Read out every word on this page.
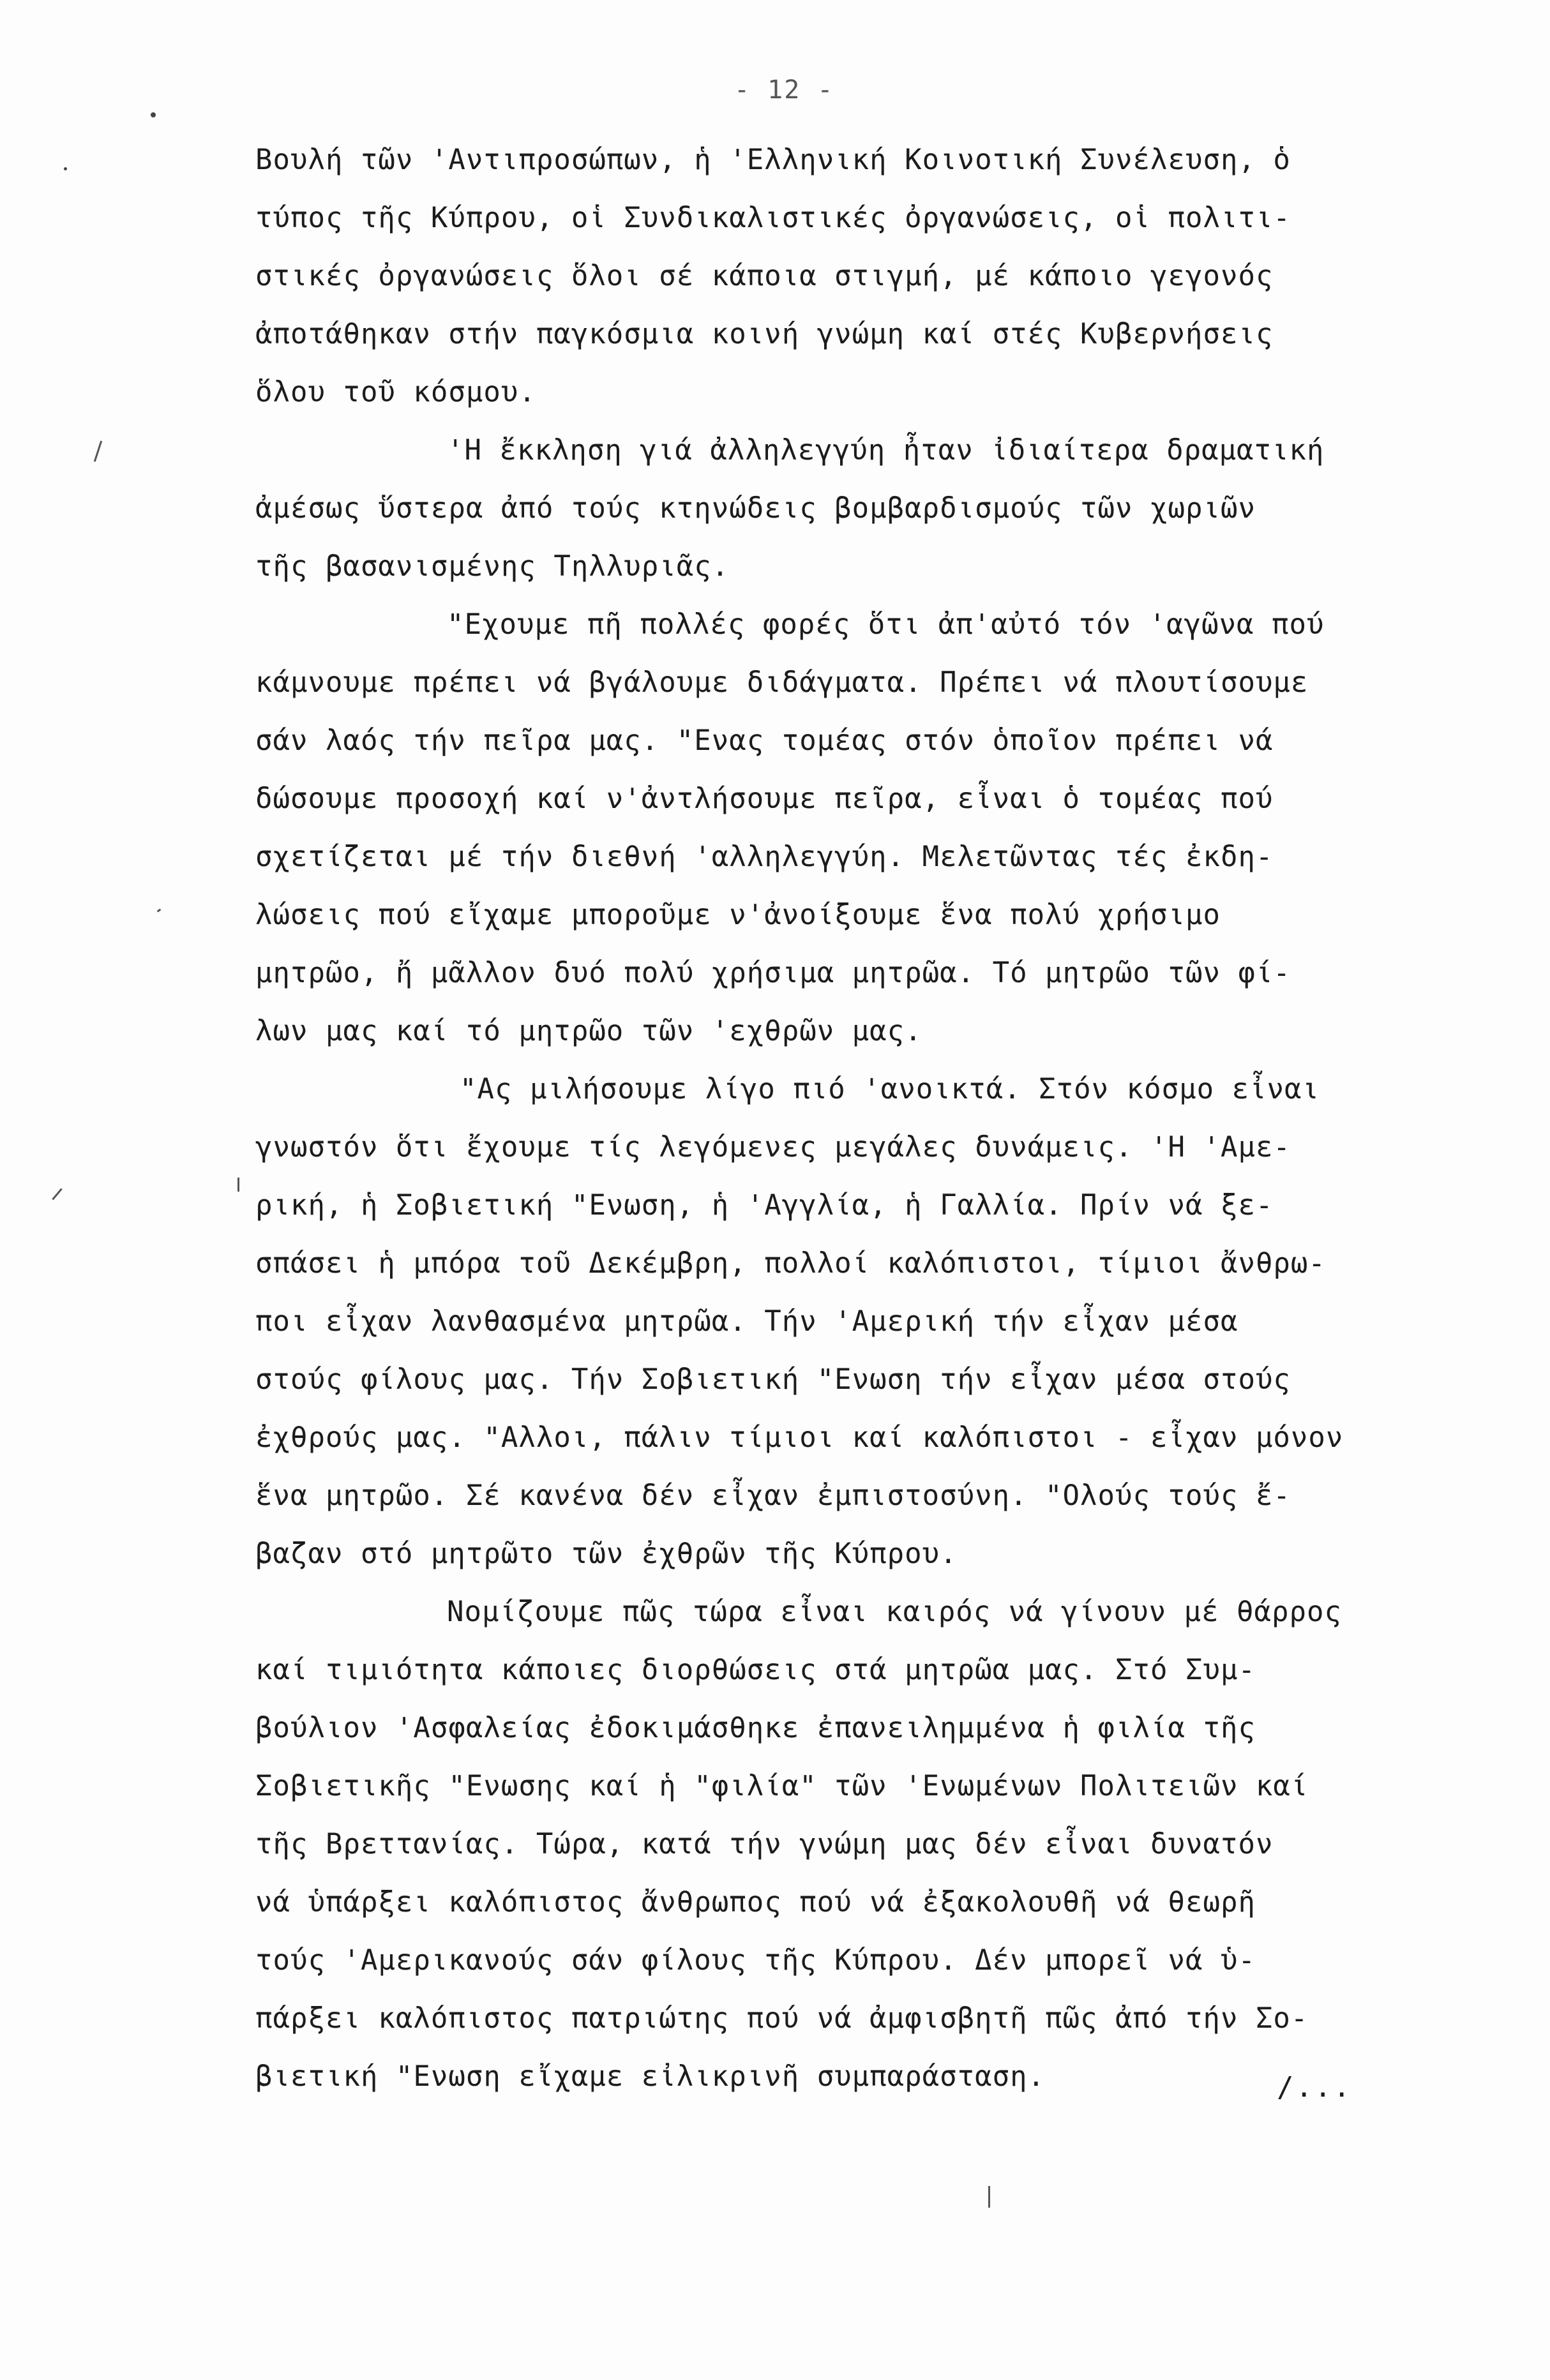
- 12 -
Βουλή τῶν 'Αντιπροσώπων, ἡ 'Ελληνική Κοινοτική Συνέλευση, ὁ
τύπος τῆς Κύπρου, οἱ Συνδικαλιστικές ὀργανώσεις, οἱ πολιτι-
στικές ὀργανώσεις ὅλοι σέ κάποια στιγμή, μέ κάποιο γεγονός
ἀποτάθηκαν στήν παγκόσμια κοινή γνώμη καί στές Κυβερνήσεις
ὅλου τοῦ κόσμου.
'Η ἔκκληση γιά ἀλληλεγγύη ἦταν ἰδιαίτερα δραματική
ἀμέσως ὕστερα ἀπό τούς κτηνώδεις βομβαρδισμούς τῶν χωριῶν
τῆς βασανισμένης Τηλλυριᾶς.
"Εχουμε πῆ πολλές φορές ὅτι ἀπ'αὐτό τόν 'αγῶνα πού
κάμνουμε πρέπει νά βγάλουμε διδάγματα. Πρέπει νά πλουτίσουμε
σάν λαός τήν πεῖρα μας. "Ενας τομέας στόν ὁποῖον πρέπει νά
δώσουμε προσοχή καί ν'ἀντλήσουμε πεῖρα, εἶναι ὁ τομέας πού
σχετίζεται μέ τήν διεθνή 'αλληλεγγύη. Μελετῶντας τές ἐκδη-
λώσεις πού εἴχαμε μποροῦμε ν'ἀνοίξουμε ἕνα πολύ χρήσιμο
μητρῶο, ἤ μᾶλλον δυό πολύ χρήσιμα μητρῶα. Τό μητρῶο τῶν φί-
λων μας καί τό μητρῶο τῶν 'εχθρῶν μας.
"Ας μιλήσουμε λίγο πιό 'ανοικτά. Στόν κόσμο εἶναι
γνωστόν ὅτι ἔχουμε τίς λεγόμενες μεγάλες δυνάμεις. 'Η 'Αμε-
ρική, ἡ Σοβιετική "Ενωση, ἡ 'Αγγλία, ἡ Γαλλία. Πρίν νά ξε-
σπάσει ἡ μπόρα τοῦ Δεκέμβρη, πολλοί καλόπιστοι, τίμιοι ἄνθρω-
ποι εἶχαν λανθασμένα μητρῶα. Τήν 'Αμερική τήν εἶχαν μέσα
στούς φίλους μας. Τήν Σοβιετική "Ενωση τήν εἶχαν μέσα στούς
ἐχθρούς μας. "Αλλοι, πάλιν τίμιοι καί καλόπιστοι - εἶχαν μόνον
ἕνα μητρῶο. Σέ κανένα δέν εἶχαν ἐμπιστοσύνη. "Ολούς τούς ἔ-
βαζαν στό μητρῶτο τῶν ἐχθρῶν τῆς Κύπρου.
Νομίζουμε πῶς τώρα εἶναι καιρός νά γίνουν μέ θάρρος
καί τιμιότητα κάποιες διορθώσεις στά μητρῶα μας. Στό Συμ-
βούλιον 'Ασφαλείας ἐδοκιμάσθηκε ἐπανειλημμένα ἡ φιλία τῆς
Σοβιετικῆς "Ενωσης καί ἡ "φιλία" τῶν 'Ενωμένων Πολιτειῶν καί
τῆς Βρεττανίας. Τώρα, κατά τήν γνώμη μας δέν εἶναι δυνατόν
νά ὑπάρξει καλόπιστος ἄνθρωπος πού νά ἐξακολουθῆ νά θεωρῆ
τούς 'Αμερικανούς σάν φίλους τῆς Κύπρου. Δέν μπορεῖ νά ὑ-
πάρξει καλόπιστος πατριώτης πού νά ἀμφισβητῆ πῶς ἀπό τήν Σο-
βιετική "Ενωση εἴχαμε εἰλικρινῆ συμπαράσταση.	/...
